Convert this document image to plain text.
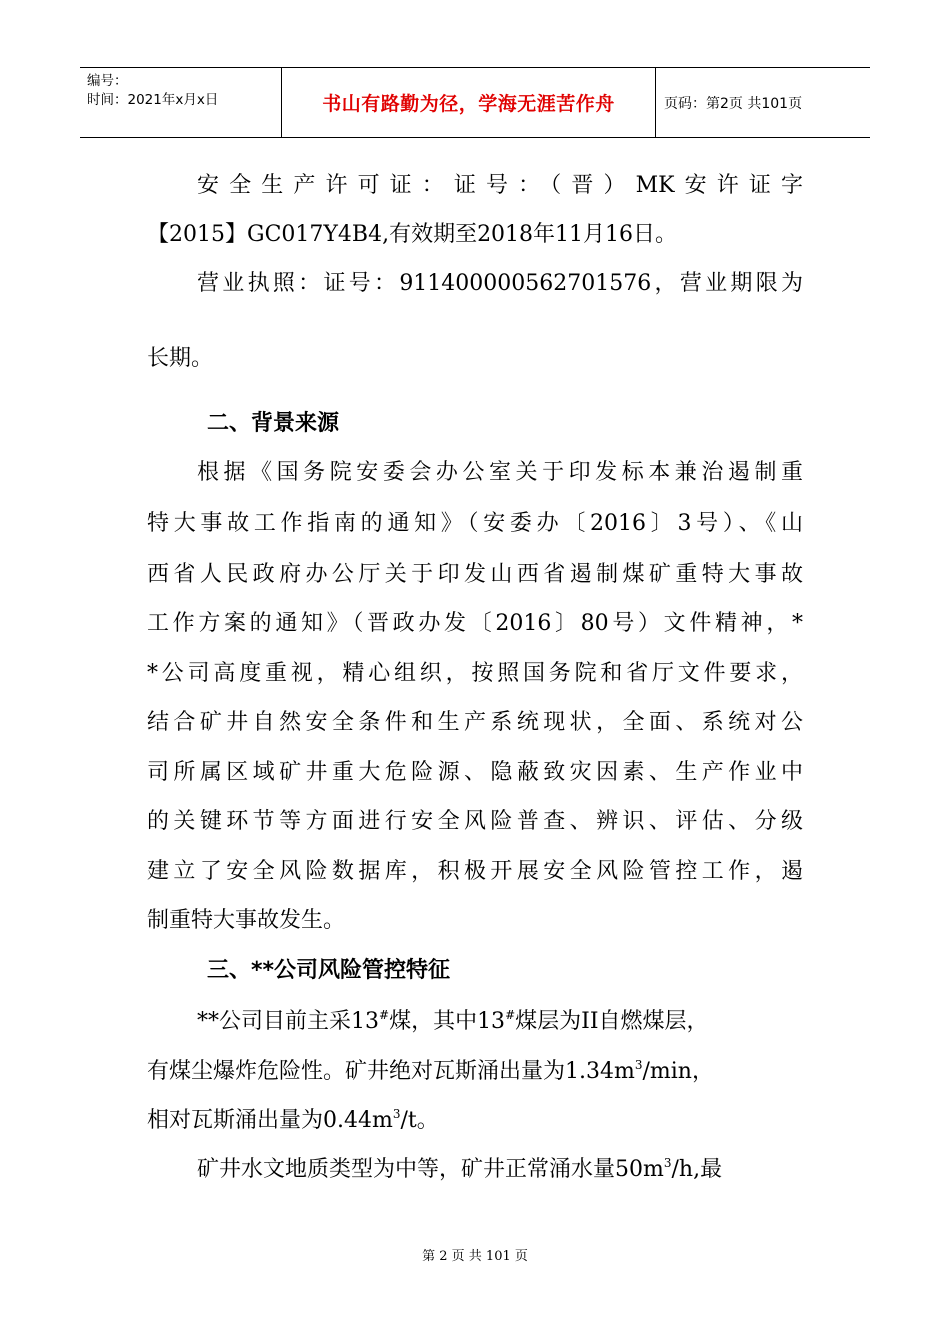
编号：
时间：2021年x月x日	书山有路勤为径，学海无涯苦作舟	页码：第2页 共101页
安全生产许可证：证号：（晋）MK安许证字
【2015】GC017Y4B4,有效期至2018年11月16日。
营业执照：证号：911400000562701576，营业期限为
长期。
二、背景来源
根据《国务院安委会办公室关于印发标本兼治遏制重
特大事故工作指南的通知》（安委办〔2016〕3号）、《山
西省人民政府办公厅关于印发山西省遏制煤矿重特大事故
工作方案的通知》（晋政办发〔2016〕80号）文件精神，*
*公司高度重视，精心组织，按照国务院和省厅文件要求，
结合矿井自然安全条件和生产系统现状，全面、系统对公
司所属区域矿井重大危险源、隐蔽致灾因素、生产作业中
的关键环节等方面进行安全风险普查、辨识、评估、分级
建立了安全风险数据库，积极开展安全风险管控工作，遏
制重特大事故发生。
三、**公司风险管控特征
**公司目前主采13#煤，其中13#煤层为II自燃煤层，
有煤尘爆炸危险性。矿井绝对瓦斯涌出量为$1.34m^3/\min$，
相对瓦斯涌出量为$0.44m^3/t$。
矿井水文地质类型为中等，矿井正常涌水量$50m^3/h$,最
第 2 页 共 101 页
